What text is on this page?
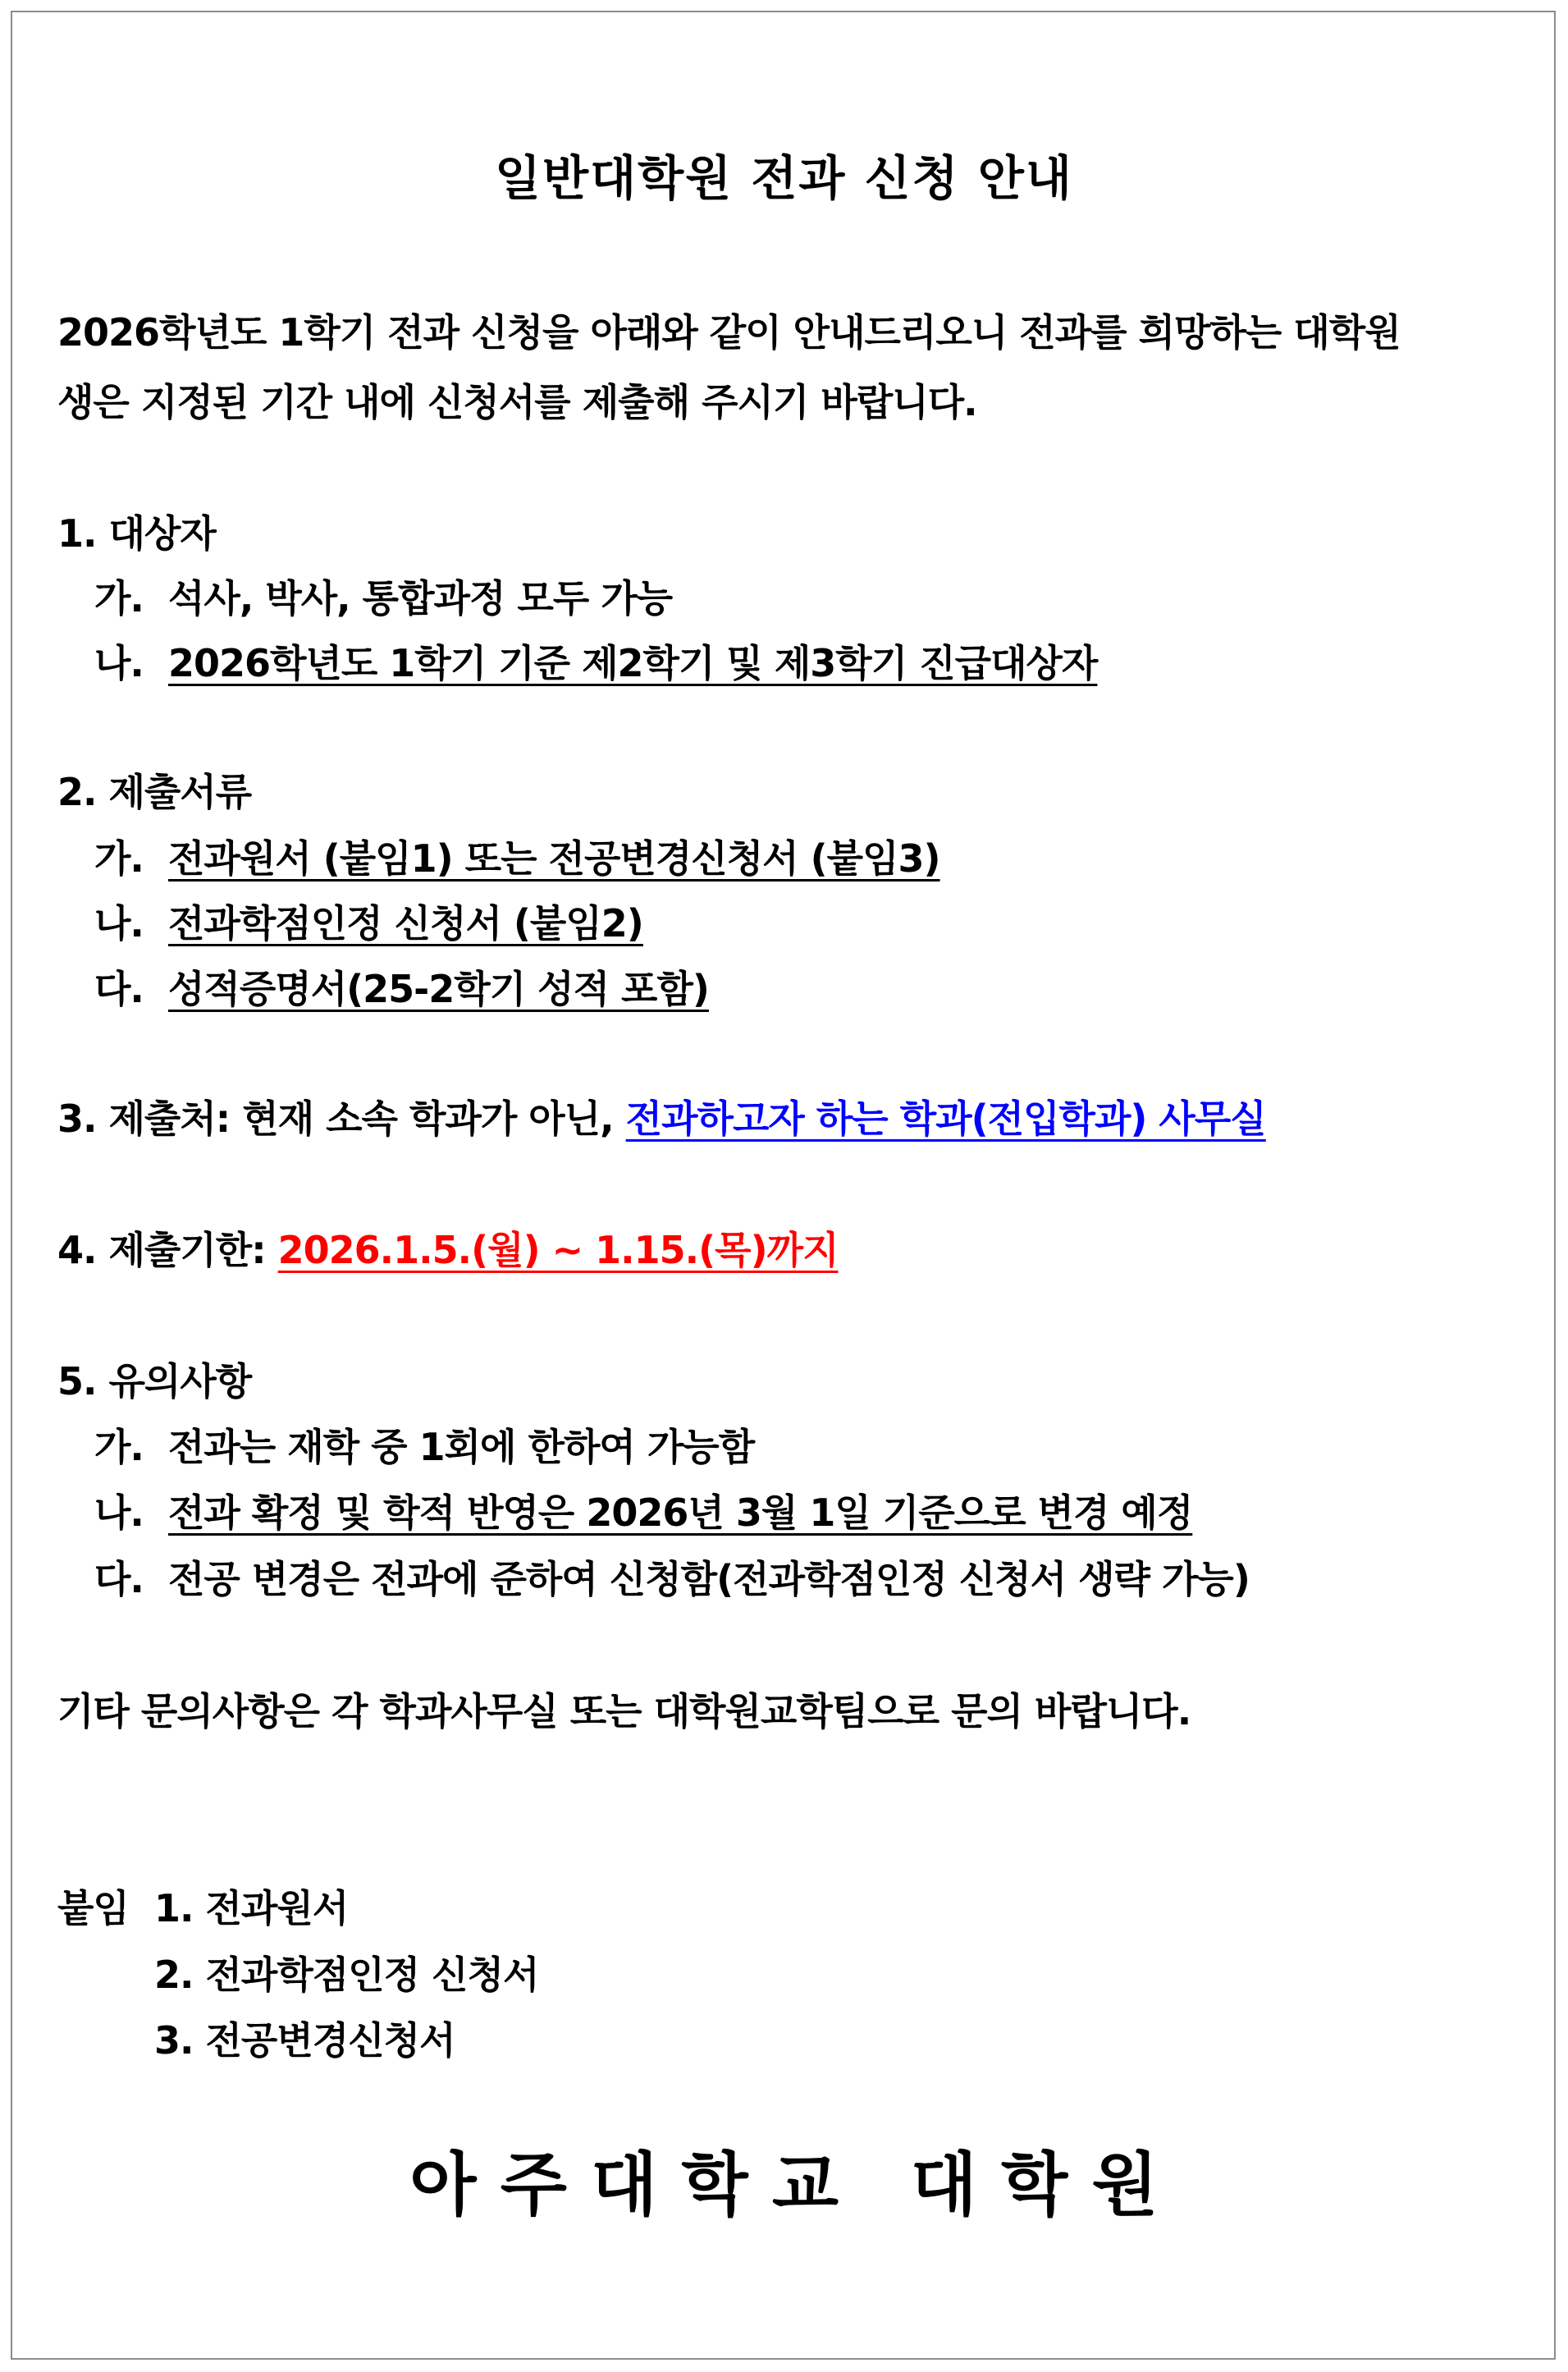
일반대학원 전과 신청 안내
2026학년도 1학기 전과 신청을 아래와 같이 안내드리오니 전과를 희망하는 대학원
생은 지정된 기간 내에 신청서를 제출해 주시기 바랍니다.
1. 대상자
가.  석사, 박사, 통합과정 모두 가능
나.  2026학년도 1학기 기준 제2학기 및 제3학기 진급대상자
2. 제출서류
가.  전과원서 (붙임1) 또는 전공변경신청서 (붙임3)
나.  전과학점인정 신청서 (붙임2)
다.  성적증명서(25-2학기 성적 포함)
3. 제출처: 현재 소속 학과가 아닌, 전과하고자 하는 학과(전입학과) 사무실
4. 제출기한: 2026.1.5.(월) ~ 1.15.(목)까지
5. 유의사항
가.  전과는 재학 중 1회에 한하여 가능함
나.  전과 확정 및 학적 반영은 2026년 3월 1일 기준으로 변경 예정
다.  전공 변경은 전과에 준하여 신청함(전과학점인정 신청서 생략 가능)
기타 문의사항은 각 학과사무실 또는 대학원교학팀으로 문의 바랍니다.
붙임 1. 전과원서
2. 전과학점인정 신청서
3. 전공변경신청서
아 주 대 학 교   대 학 원
